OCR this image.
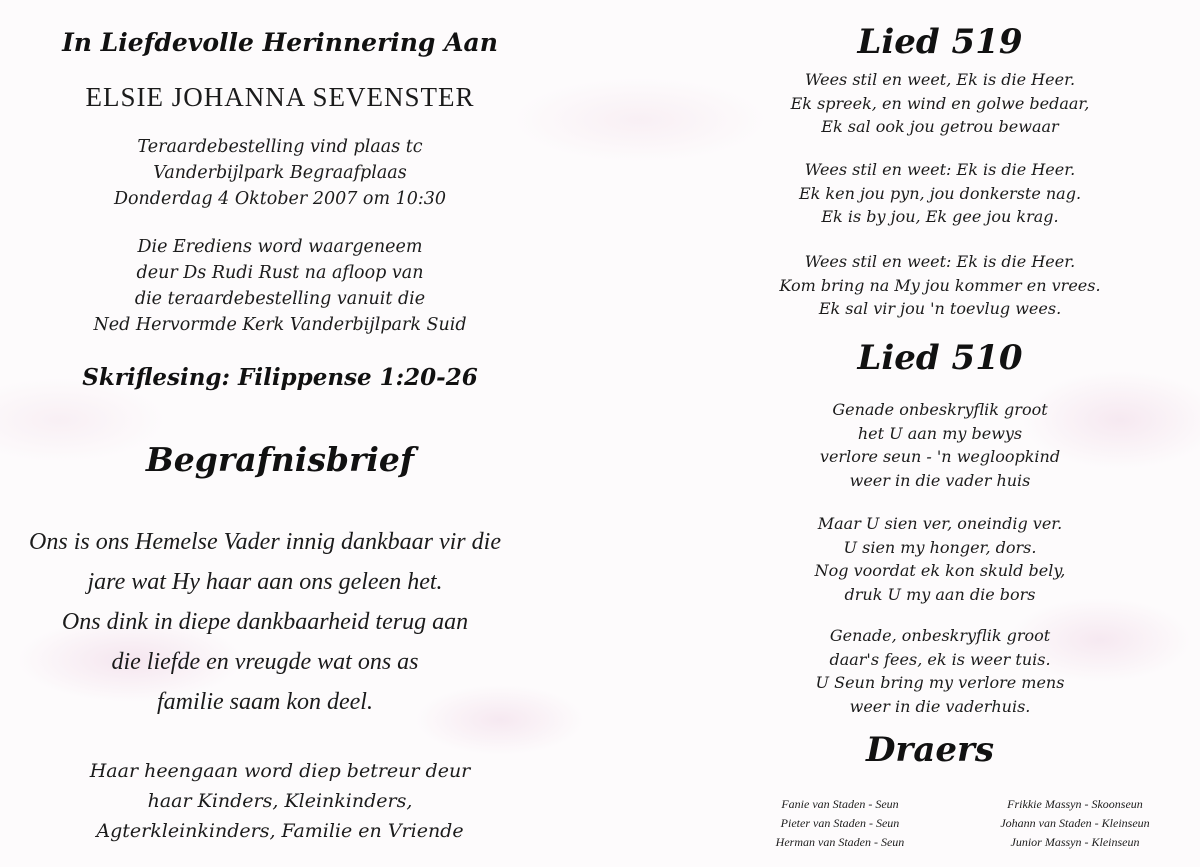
In Liefdevolle Herinnering Aan
ELSIE JOHANNA SEVENSTER
Teraardebestelling vind plaas tc
Vanderbijlpark Begraafplaas
Donderdag 4 Oktober 2007 om 10:30
Die Erediens word waargeneem
deur Ds Rudi Rust na afloop van
die teraardebestelling vanuit die
Ned Hervormde Kerk Vanderbijlpark Suid
Skriflesing: Filippense 1:20-26
Begrafnisbrief
Ons is ons Hemelse Vader innig dankbaar vir die
jare wat Hy haar aan ons geleen het.
Ons dink in diepe dankbaarheid terug aan
die liefde en vreugde wat ons as
familie saam kon deel.
Haar heengaan word diep betreur deur
haar Kinders, Kleinkinders,
Agterkleinkinders, Familie en Vriende
Lied 519
Wees stil en weet, Ek is die Heer.
Ek spreek, en wind en golwe bedaar,
Ek sal ook jou getrou bewaar
Wees stil en weet: Ek is die Heer.
Ek ken jou pyn, jou donkerste nag.
Ek is by jou, Ek gee jou krag.
Wees stil en weet: Ek is die Heer.
Kom bring na My jou kommer en vrees.
Ek sal vir jou 'n toevlug wees.
Lied 510
Genade onbeskryflik groot
het U aan my bewys
verlore seun - 'n wegloopkind
weer in die vader huis
Maar U sien ver, oneindig ver.
U sien my honger, dors.
Nog voordat ek kon skuld bely,
druk U my aan die bors
Genade, onbeskryflik groot
daar's fees, ek is weer tuis.
U Seun bring my verlore mens
weer in die vaderhuis.
Draers
Fanie van Staden - Seun
Pieter van Staden - Seun
Herman van Staden - Seun
Frikkie Massyn - Skoonseun
Johann van Staden - Kleinseun
Junior Massyn - Kleinseun
